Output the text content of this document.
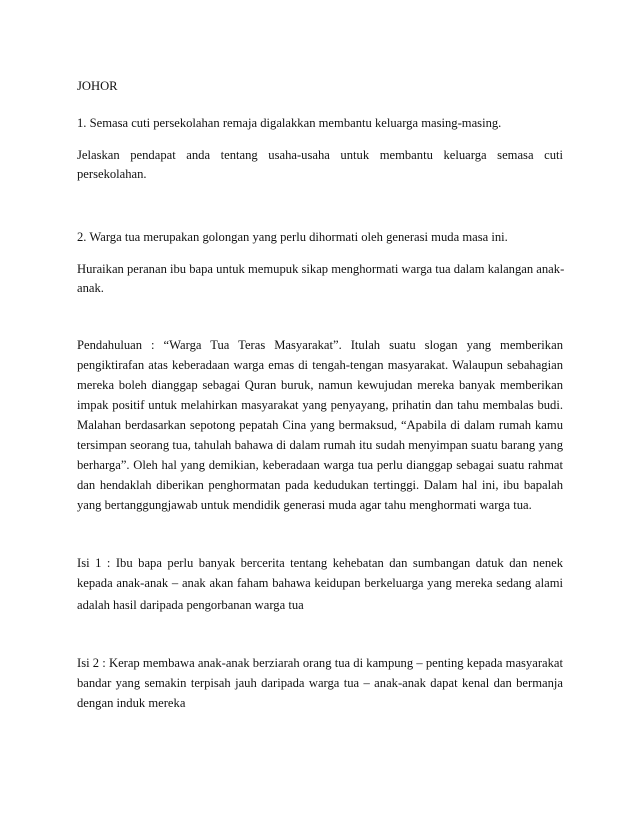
JOHOR
1. Semasa cuti persekolahan remaja digalakkan membantu keluarga masing-masing.
Jelaskan pendapat anda tentang usaha-usaha untuk membantu keluarga semasa cuti
persekolahan.
2. Warga tua merupakan golongan yang perlu dihormati oleh generasi muda masa ini.
Huraikan peranan ibu bapa untuk memupuk sikap menghormati warga tua dalam kalangan anak-
anak.
Pendahuluan : “Warga Tua Teras Masyarakat”. Itulah suatu slogan yang memberikan
pengiktirafan atas keberadaan warga emas di tengah-tengan masyarakat. Walaupun sebahagian
mereka boleh dianggap sebagai Quran buruk, namun kewujudan mereka banyak memberikan
impak positif untuk melahirkan masyarakat yang penyayang, prihatin dan tahu membalas budi.
Malahan berdasarkan sepotong pepatah Cina yang bermaksud, “Apabila di dalam rumah kamu
tersimpan seorang tua, tahulah bahawa di dalam rumah itu sudah menyimpan suatu barang yang
berharga”. Oleh hal yang demikian, keberadaan warga tua perlu dianggap sebagai suatu rahmat
dan hendaklah diberikan penghormatan pada kedudukan tertinggi. Dalam hal ini, ibu bapalah
yang bertanggungjawab untuk mendidik generasi muda agar tahu menghormati warga tua.
Isi 1 : Ibu bapa perlu banyak bercerita tentang kehebatan dan sumbangan datuk dan nenek
kepada anak-anak – anak akan faham bahawa keidupan berkeluarga yang mereka sedang alami
adalah hasil daripada pengorbanan warga tua
Isi 2 : Kerap membawa anak-anak berziarah orang tua di kampung – penting kepada masyarakat
bandar yang semakin terpisah jauh daripada warga tua – anak-anak dapat kenal dan bermanja
dengan induk mereka
